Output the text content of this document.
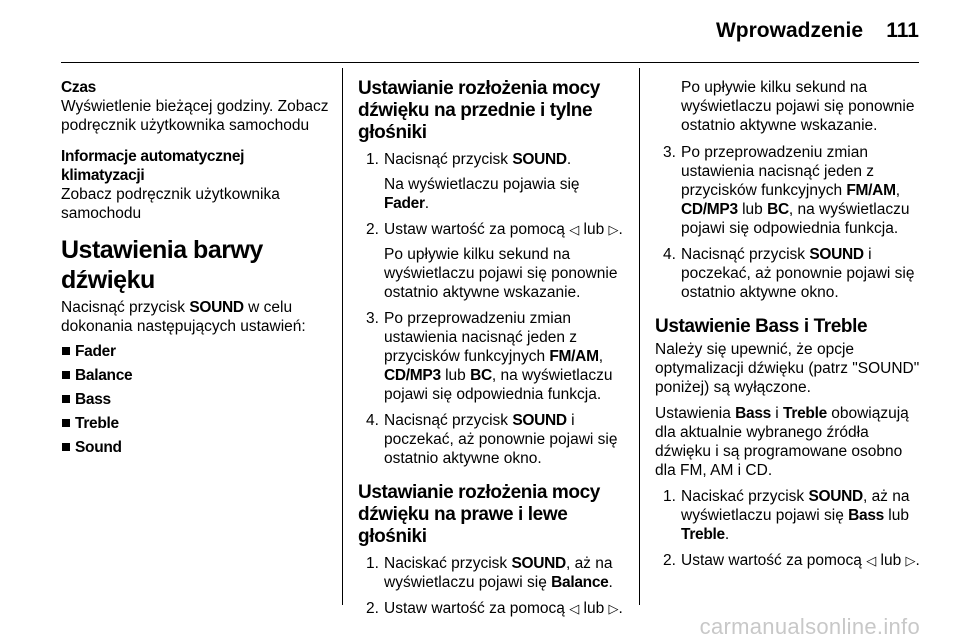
Wprowadzenie 111

Czas

Wyświetlenie bieżącej godziny. Zobacz podręcznik użytkownika samochodu

Informacje automatycznej klimatyzacji

Zobacz podręcznik użytkownika samochodu

Ustawienia barwy dźwięku

Nacisnąć przycisk SOUND w celu dokonania następujących ustawień:

Fader
Balance
Bass
Treble
Sound
Ustawianie rozłożenia mocy dźwięku na przednie i tylne głośniki
1. Nacisnąć przycisk SOUND.

Na wyświetlaczu pojawia się Fader.

2. Ustaw wartość za pomocą ◁ lub ▷.

Po upływie kilku sekund na wyświetlaczu pojawi się ponownie ostatnio aktywne wskazanie.

3. Po przeprowadzeniu zmian ustawienia nacisnąć jeden z przycisków funkcyjnych FM/AM, CD/MP3 lub BC, na wyświetlaczu pojawi się odpowiednia funkcja.
4. Nacisnąć przycisk SOUND i poczekać, aż ponownie pojawi się ostatnio aktywne okno.
Ustawianie rozłożenia mocy dźwięku na prawe i lewe głośniki
1. Naciskać przycisk SOUND, aż na wyświetlaczu pojawi się Balance.
2. Ustaw wartość za pomocą ◁ lub ▷.

Po upływie kilku sekund na wyświetlaczu pojawi się ponownie ostatnio aktywne wskazanie.

3. Po przeprowadzeniu zmian ustawienia nacisnąć jeden z przycisków funkcyjnych FM/AM, CD/MP3 lub BC, na wyświetlaczu pojawi się odpowiednia funkcja.
4. Nacisnąć przycisk SOUND i poczekać, aż ponownie pojawi się ostatnio aktywne okno.
Ustawienie Bass i Treble

Należy się upewnić, że opcje optymalizacji dźwięku (patrz "SOUND" poniżej) są wyłączone.

Ustawienia Bass i Treble obowiązują dla aktualnie wybranego źródła dźwięku i są programowane osobno dla FM, AM i CD.

1. Naciskać przycisk SOUND, aż na wyświetlaczu pojawi się Bass lub Treble.
2. Ustaw wartość za pomocą ◁ lub ▷.
carmanualsonline.info
